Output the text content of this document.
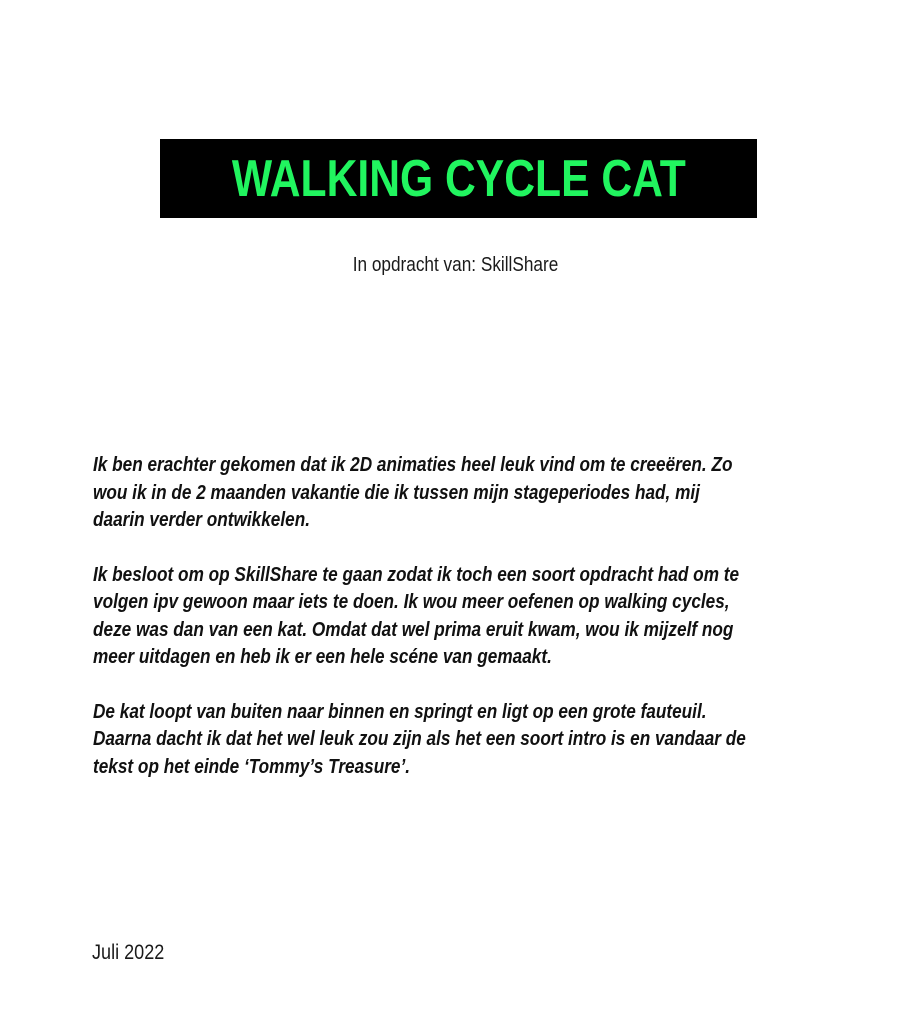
WALKING CYCLE CAT
In opdracht van: SkillShare

Ik ben erachter gekomen dat ik 2D animaties heel leuk vind om te creeëren. Zo
wou ik in de 2 maanden vakantie die ik tussen mijn stageperiodes had, mij
daarin verder ontwikkelen.

Ik besloot om op SkillShare te gaan zodat ik toch een soort opdracht had om te
volgen ipv gewoon maar iets te doen. Ik wou meer oefenen op walking cycles,
deze was dan van een kat. Omdat dat wel prima eruit kwam, wou ik mijzelf nog
meer uitdagen en heb ik er een hele scéne van gemaakt.

De kat loopt van buiten naar binnen en springt en ligt op een grote fauteuil.
Daarna dacht ik dat het wel leuk zou zijn als het een soort intro is en vandaar de
tekst op het einde ‘Tommy’s Treasure’.

Juli 2022
